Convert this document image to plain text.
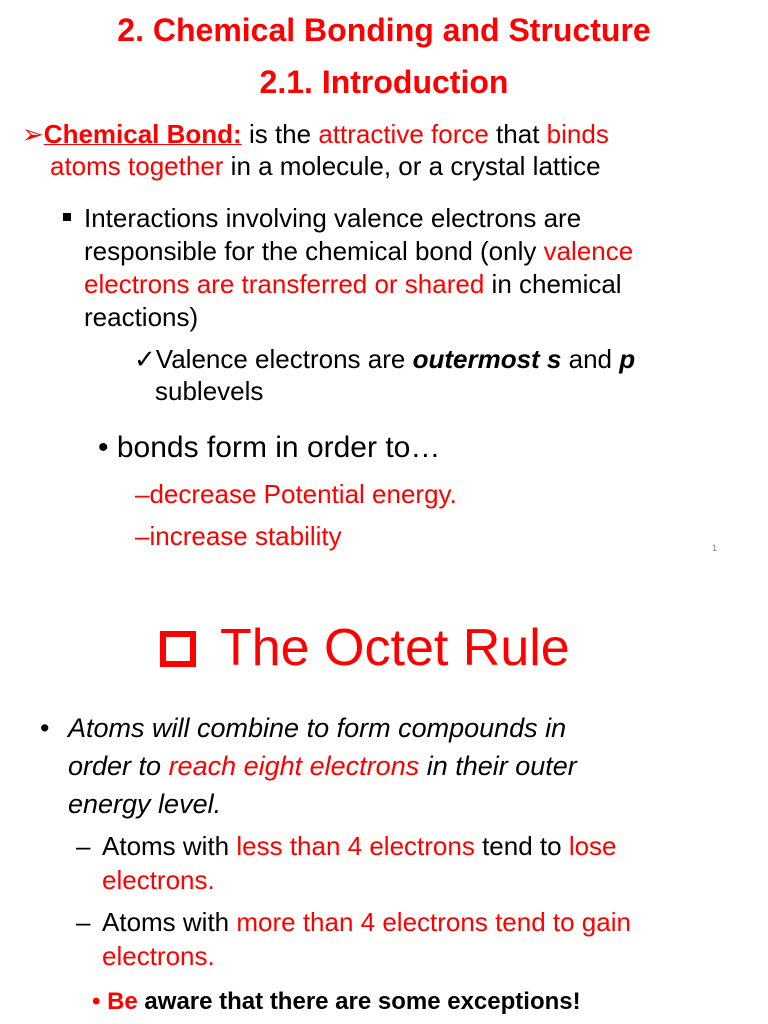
2. Chemical Bonding and Structure
2.1. Introduction
➢Chemical Bond: is the attractive force that binds
atoms together in a molecule, or a crystal lattice
Interactions involving valence electrons are
responsible for the chemical bond (only valence
electrons are transferred or shared in chemical
reactions)
✓Valence electrons are outermost s and p
sublevels
• bonds form in order to…
–decrease Potential energy.
–increase stability	1
The Octet Rule
• Atoms will combine to form compounds in
order to reach eight electrons in their outer
energy level.
– Atoms with less than 4 electrons tend to lose
electrons.
– Atoms with more than 4 electrons tend to gain
electrons.
• Be aware that there are some exceptions!
